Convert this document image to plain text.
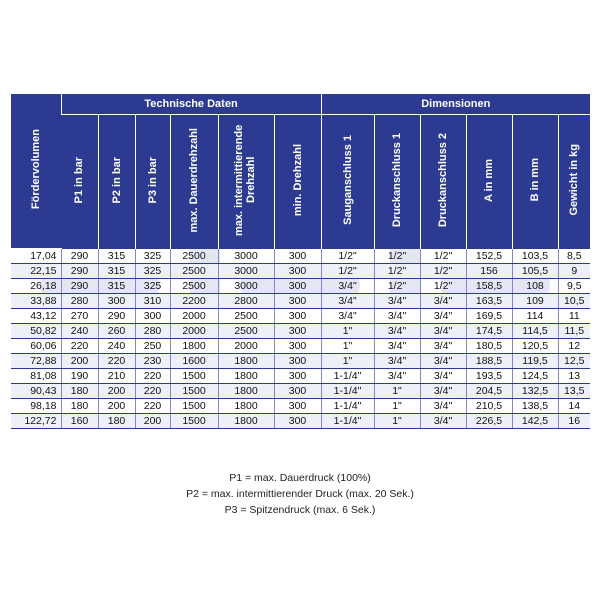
Fördervolumen	Technische Daten						Dimensionen					
	P1 in bar	P2 in bar	P3 in bar	max. Dauerdrehzahl	max. intermittierende Drehzahl	min. Drehzahl	Sauganschluss 1	Druckanschluss 1	Druckanschluss 2	A in mm	B in mm	Gewicht in kg
17,04	290	315	325	2500	3000	300	1/2"	1/2"	1/2"	152,5	103,5	8,5
22,15	290	315	325	2500	3000	300	1/2"	1/2"	1/2"	156	105,5	9
26,18	290	315	325	2500	3000	300	3/4"	1/2"	1/2"	158,5	108	9,5
33,88	280	300	310	2200	2800	300	3/4"	3/4"	3/4"	163,5	109	10,5
43,12	270	290	300	2000	2500	300	3/4"	3/4"	3/4"	169,5	114	11
50,82	240	260	280	2000	2500	300	1"	3/4"	3/4"	174,5	114,5	11,5
60,06	220	240	250	1800	2000	300	1"	3/4"	3/4"	180,5	120,5	12
72,88	200	220	230	1600	1800	300	1"	3/4"	3/4"	188,5	119,5	12,5
81,08	190	210	220	1500	1800	300	1-1/4"	3/4"	3/4"	193,5	124,5	13
90,43	180	200	220	1500	1800	300	1-1/4"	1"	3/4"	204,5	132,5	13,5
98,18	180	200	220	1500	1800	300	1-1/4"	1"	3/4"	210,5	138,5	14
122,72	160	180	200	1500	1800	300	1-1/4"	1"	3/4"	226,5	142,5	16
P1 = max. Dauerdruck (100%)
P2 = max. intermittierender Druck (max. 20 Sek.)
P3 = Spitzendruck (max. 6 Sek.)
